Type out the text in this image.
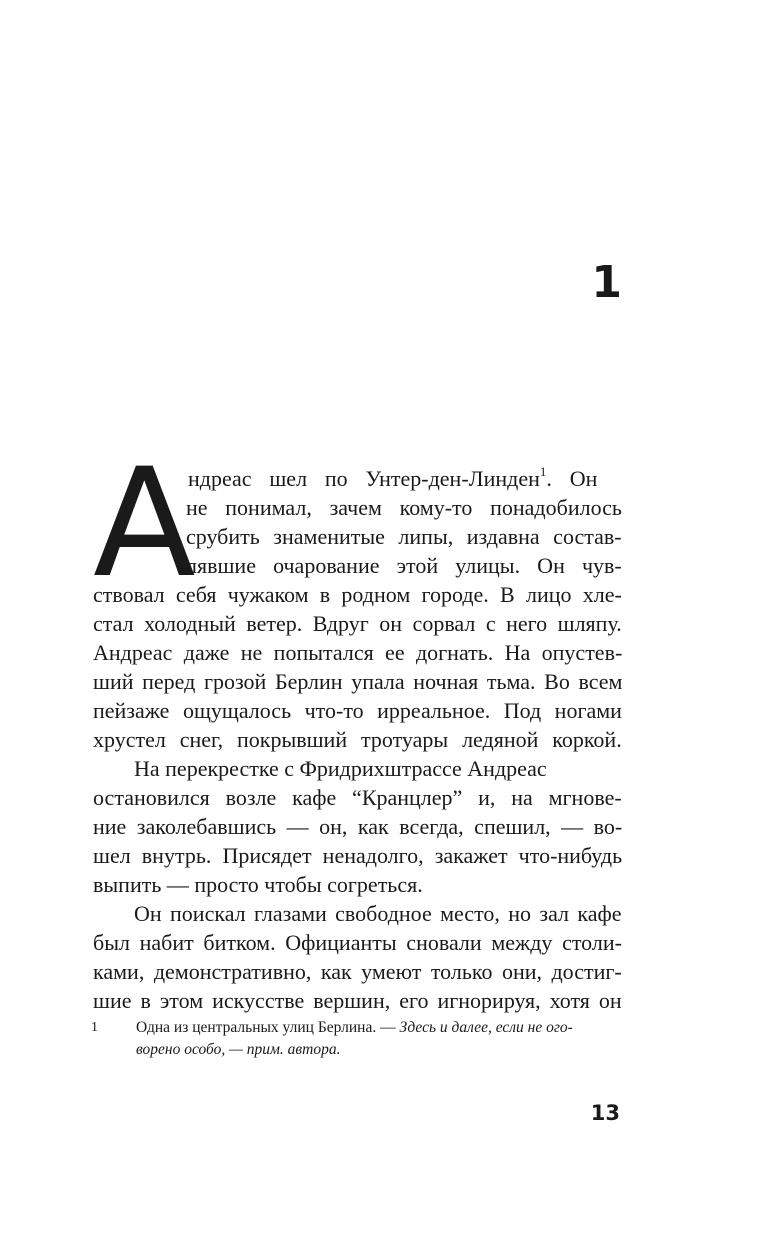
1
А
ндреас шел по Унтер-ден-Линден$^1$. Он
не понимал, зачем кому-то понадобилось
срубить знаменитые липы, издавна состав-
лявшие очарование этой улицы. Он чув-
ствовал себя чужаком в родном городе. В лицо хле-
стал холодный ветер. Вдруг он сорвал с него шляпу.
Андреас даже не попытался ее догнать. На опустев-
ший перед грозой Берлин упала ночная тьма. Во всем
пейзаже ощущалось что-то ирреальное. Под ногами
хрустел снег, покрывший тротуары ледяной коркой.
На перекрестке с Фридрихштрассе Андреас
остановился возле кафе “Кранцлер” и, на мгнове-
ние заколебавшись — он, как всегда, спешил, — во-
шел внутрь. Присядет ненадолго, закажет что-нибудь
выпить — просто чтобы согреться.
Он поискал глазами свободное место, но зал кафе
был набит битком. Официанты сновали между столи-
ками, демонстративно, как умеют только они, достиг-
шие в этом искусстве вершин, его игнорируя, хотя он
1 Одна из центральных улиц Берлина. — Здесь и далее, если не ого-
ворено особо, — прим. автора.
13
